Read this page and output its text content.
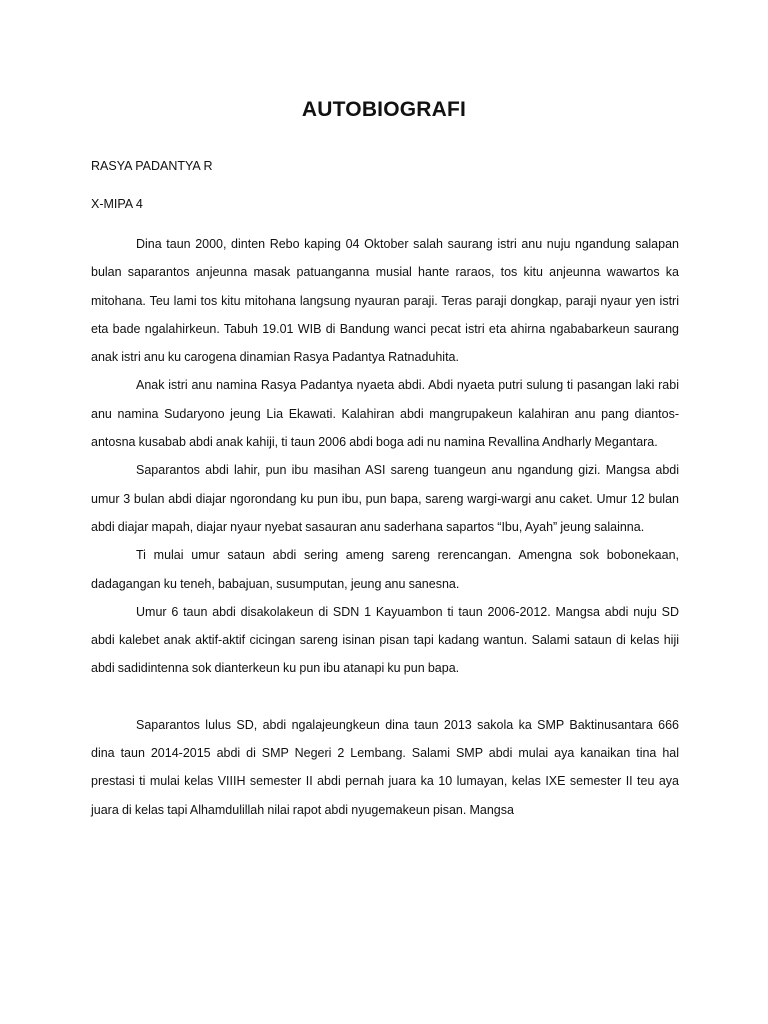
AUTOBIOGRAFI
RASYA PADANTYA R
X-MIPA 4

Dina taun 2000, dinten Rebo kaping 04 Oktober salah saurang istri anu nuju ngandung salapan bulan saparantos anjeunna masak patuanganna musial hante raraos, tos kitu anjeunna wawartos ka mitohana. Teu lami tos kitu mitohana langsung nyauran paraji. Teras paraji dongkap, paraji nyaur yen istri eta bade ngalahirkeun. Tabuh 19.01 WIB di Bandung wanci pecat istri eta ahirna ngababarkeun saurang anak istri anu ku carogena dinamian Rasya Padantya Ratnaduhita.

Anak istri anu namina Rasya Padantya nyaeta abdi. Abdi nyaeta putri sulung ti pasangan laki rabi anu namina Sudaryono jeung Lia Ekawati. Kalahiran abdi mangrupakeun kalahiran anu pang diantos-antosna kusabab abdi anak kahiji, ti taun 2006 abdi boga adi nu namina Revallina Andharly Megantara.

Saparantos abdi lahir, pun ibu masihan ASI sareng tuangeun anu ngandung gizi. Mangsa abdi umur 3 bulan abdi diajar ngorondang ku pun ibu, pun bapa, sareng wargi-wargi anu caket. Umur 12 bulan abdi diajar mapah, diajar nyaur nyebat sasauran anu saderhana sapartos “Ibu, Ayah” jeung salainna.

Ti mulai umur sataun abdi sering ameng sareng rerencangan. Amengna sok bobonekaan, dadagangan ku teneh, babajuan, susumputan, jeung anu sanesna.

Umur 6 taun abdi disakolakeun di SDN 1 Kayuambon ti taun 2006-2012. Mangsa abdi nuju SD abdi kalebet anak aktif-aktif cicingan sareng isinan pisan tapi kadang wantun. Salami sataun di kelas hiji abdi sadidintenna sok dianterkeun ku pun ibu atanapi ku pun bapa.

Saparantos lulus SD, abdi ngalajeungkeun dina taun 2013 sakola ka SMP Baktinusantara 666 dina taun 2014-2015 abdi di SMP Negeri 2 Lembang. Salami SMP abdi mulai aya kanaikan tina hal prestasi ti mulai kelas VIIIH semester II abdi pernah juara ka 10 lumayan, kelas IXE semester II teu aya juara di kelas tapi Alhamdulillah nilai rapot abdi nyugemakeun pisan. Mangsa
